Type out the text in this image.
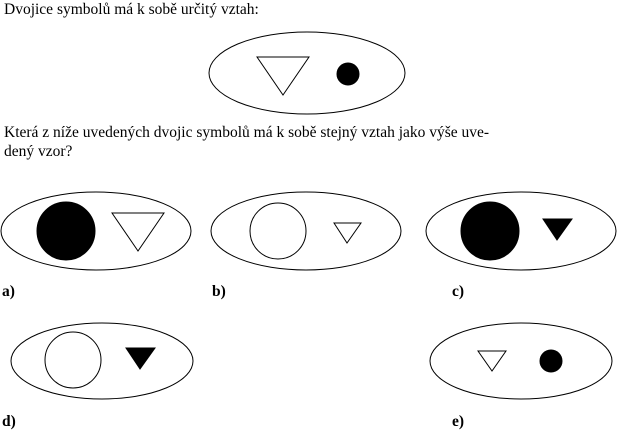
Dvojice symbolů má k sobě určitý vztah:
Která z níže uvedených dvojic symbolů má k sobě stejný vztah jako výše uve-
dený vzor?
a)	b)	c)
d)	e)
